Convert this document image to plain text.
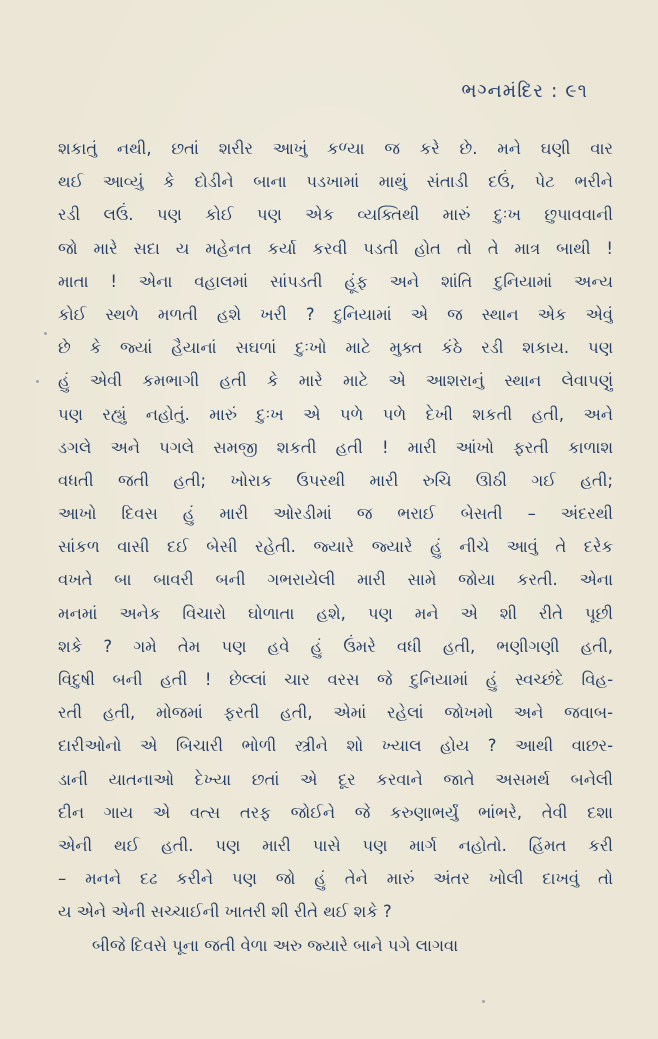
ભગ્નમંદિર : ૯૧
શકાતું નથી, છતાં શરીર આખું કળ્યા જ કરે છે. મને ઘણી વાર
થઈ આવ્યું કે દોડીને બાના પડખામાં માથું સંતાડી દઉં, પેટ ભરીને
રડી લઉં. પણ કોઈ પણ એક વ્યક્તિથી મારું દુઃખ છુપાવવાની
જો મારે સદા ય મહેનત કર્યા કરવી પડતી હોત તો તે માત્ર બાથી !
માતા ! એના વહાલમાં સાંપડતી હૂંફ અને શાંતિ દુનિયામાં અન્ય
કોઈ સ્થળે મળતી હશે ખરી ? દુનિયામાં એ જ સ્થાન એક એવું
છે કે જ્યાં હૈયાનાં સઘળાં દુઃખો માટે મુક્ત કંઠે રડી શકાય. પણ
હું એવી કમભાગી હતી કે મારે માટે એ આશરાનું સ્થાન લેવાપણું
પણ રહ્યું નહોતું. મારું દુઃખ એ પળે પળે દેખી શકતી હતી, અને
ડગલે અને પગલે સમજી શકતી હતી ! મારી આંખો ફરતી કાળાશ
વધતી જતી હતી; ખોરાક ઉપરથી મારી રુચિ ઊઠી ગઈ હતી;
આખો દિવસ હું મારી ઓરડીમાં જ ભરાઈ બેસતી – અંદરથી
સાંકળ વાસી દઈ બેસી રહેતી. જ્યારે જ્યારે હું નીચે આવું તે દરેક
વખતે બા બાવરી બની ગભરાયેલી મારી સામે જોયા કરતી. એના
મનમાં અનેક વિચારો ઘોળાતા હશે, પણ મને એ શી રીતે પૂછી
શકે ? ગમે તેમ પણ હવે હું ઉંમરે વધી હતી, ભણીગણી હતી,
વિદુષી બની હતી ! છેલ્લાં ચાર વરસ જે દુનિયામાં હું સ્વચ્છંદે વિહ-
રતી હતી, મોજમાં ફરતી હતી, એમાં રહેલાં જોખમો અને જવાબ-
દારીઓનો એ બિચારી ભોળી સ્ત્રીને શો ખ્યાલ હોય ? આથી વાછર-
ડાની યાતનાઓ દેખ્યા છતાં એ દૂર કરવાને જાતે અસમર્થ બનેલી
દીન ગાય એ વત્સ તરફ જોઈને જે કરુણાભર્યું ભાંભરે, તેવી દશા
એની થઈ હતી. પણ મારી પાસે પણ માર્ગ નહોતો. હિંમત કરી
– મનને દઢ કરીને પણ જો હું તેને મારું અંતર ખોલી દાખવું તો
ય એને એની સચ્ચાઈની ખાતરી શી રીતે થઈ શકે ?
બીજે દિવસે પૂના જતી વેળા અરુ જ્યારે બાને પગે લાગવા
